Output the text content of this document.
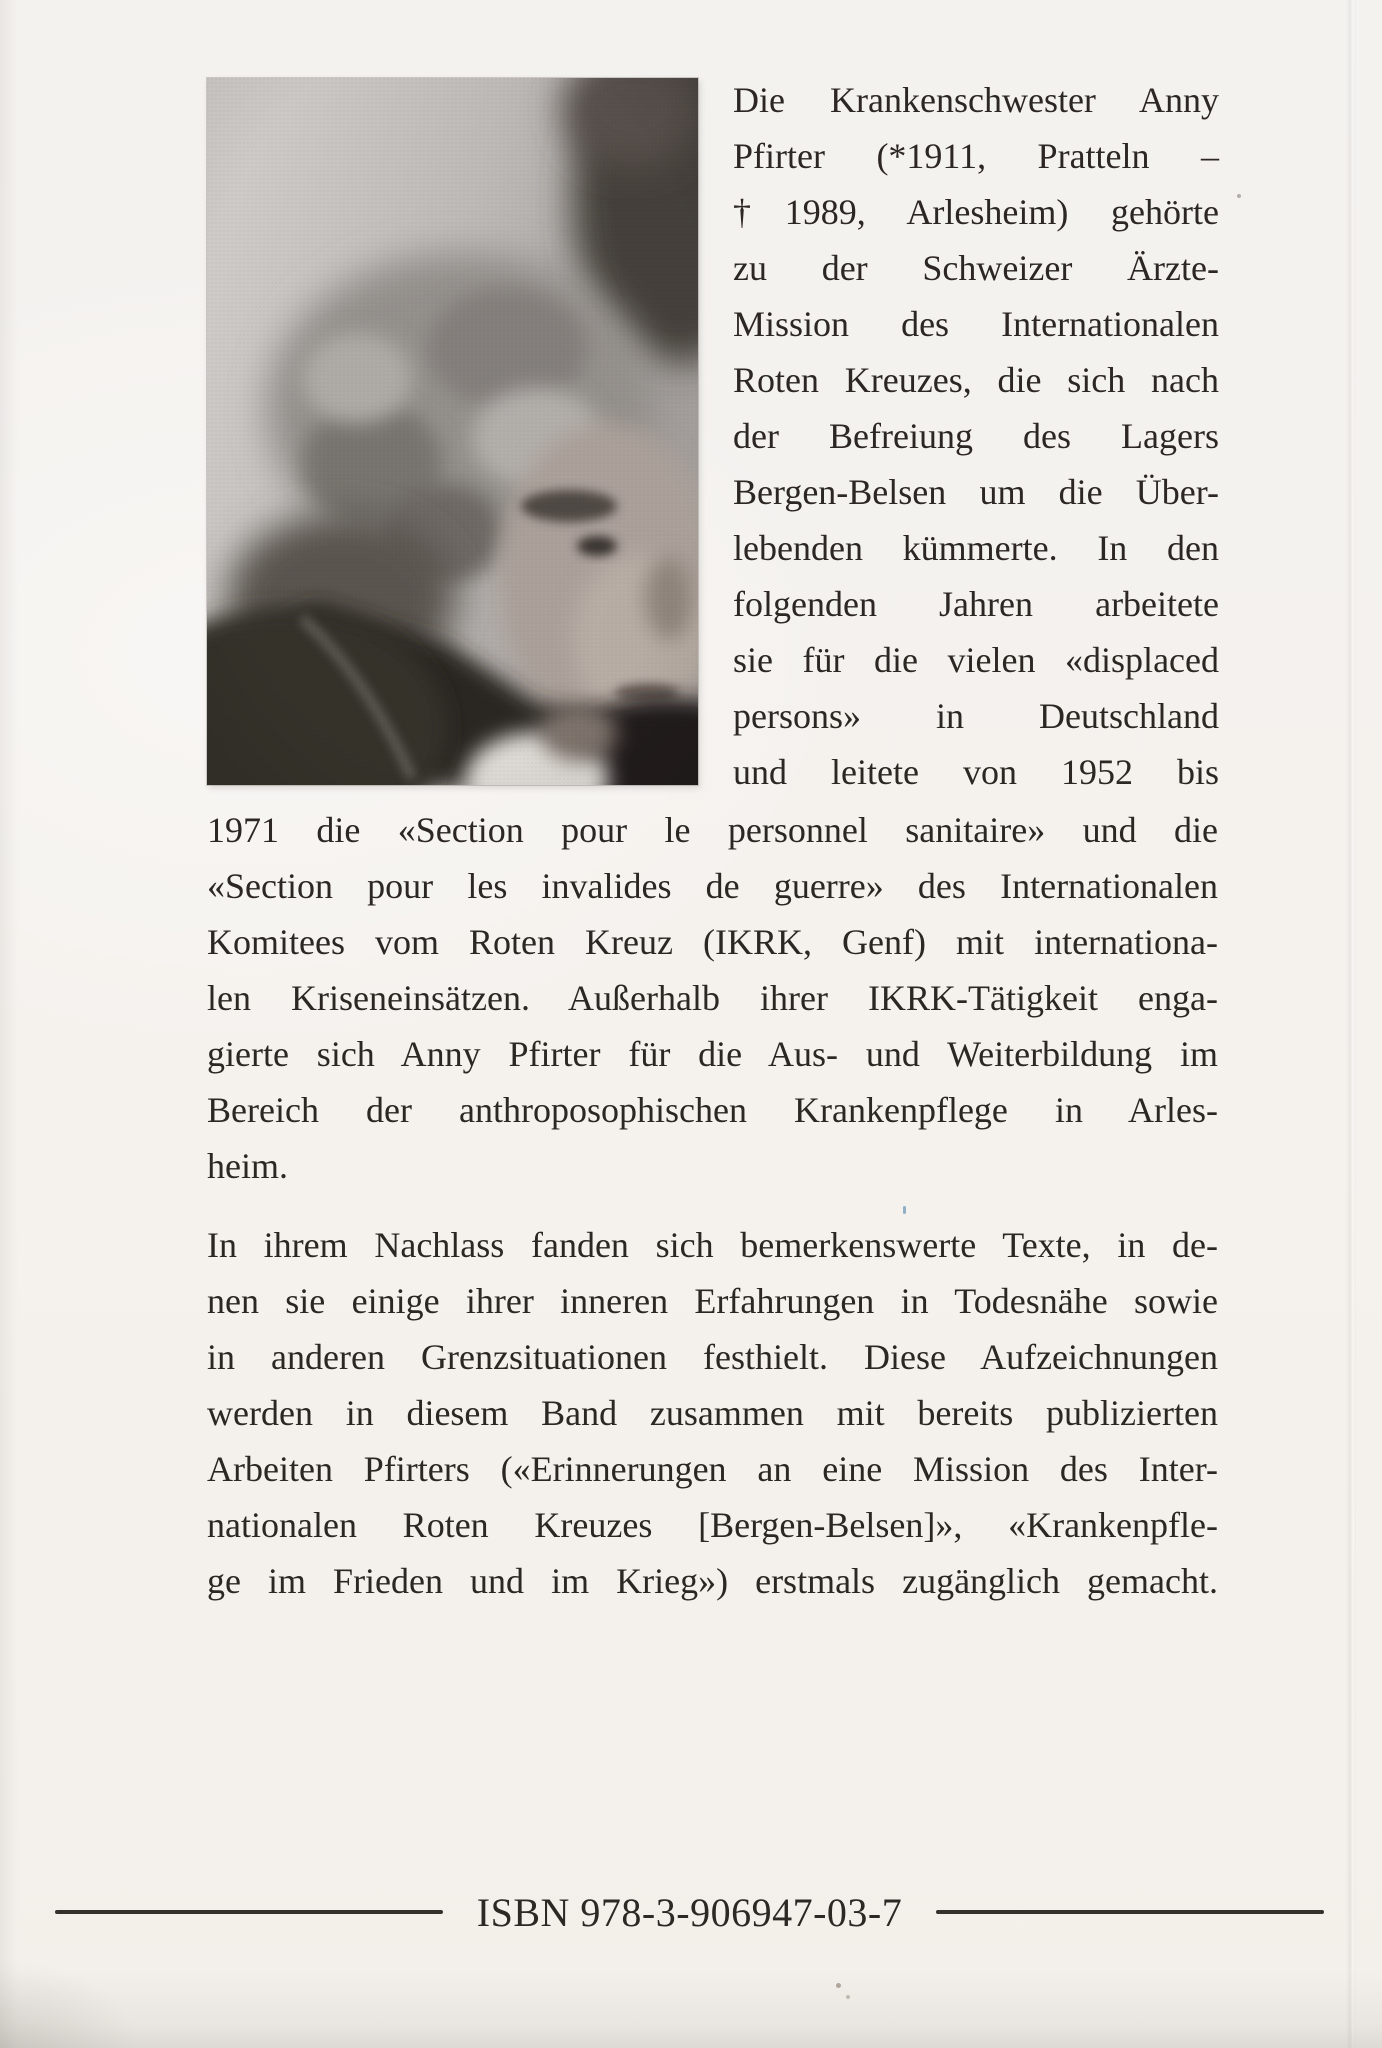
Die Krankenschwester Anny
Pfirter (*1911, Pratteln –
†1989, Arlesheim) gehörte
zu der Schweizer Ärzte-
Mission des Internationalen
Roten Kreuzes, die sich nach
der Befreiung des Lagers
Bergen-Belsen um die Über-
lebenden kümmerte. In den
folgenden Jahren arbeitete
sie für die vielen «displaced
persons» in Deutschland
und leitete von 1952 bis
1971 die «Section pour le personnel sanitaire» und die
«Section pour les invalides de guerre» des Internationalen
Komitees vom Roten Kreuz (IKRK, Genf) mit internationa-
len Kriseneinsätzen. Außerhalb ihrer IKRK-Tätigkeit enga-
gierte sich Anny Pfirter für die Aus- und Weiterbildung im
Bereich der anthroposophischen Krankenpflege in Arles-
heim.
In ihrem Nachlass fanden sich bemerkenswerte Texte, in de-
nen sie einige ihrer inneren Erfahrungen in Todesnähe sowie
in anderen Grenzsituationen festhielt. Diese Aufzeichnungen
werden in diesem Band zusammen mit bereits publizierten
Arbeiten Pfirters («Erinnerungen an eine Mission des Inter-
nationalen Roten Kreuzes [Bergen-Belsen]», «Krankenpfle-
ge im Frieden und im Krieg») erstmals zugänglich gemacht.
ISBN 978-3-906947-03-7
